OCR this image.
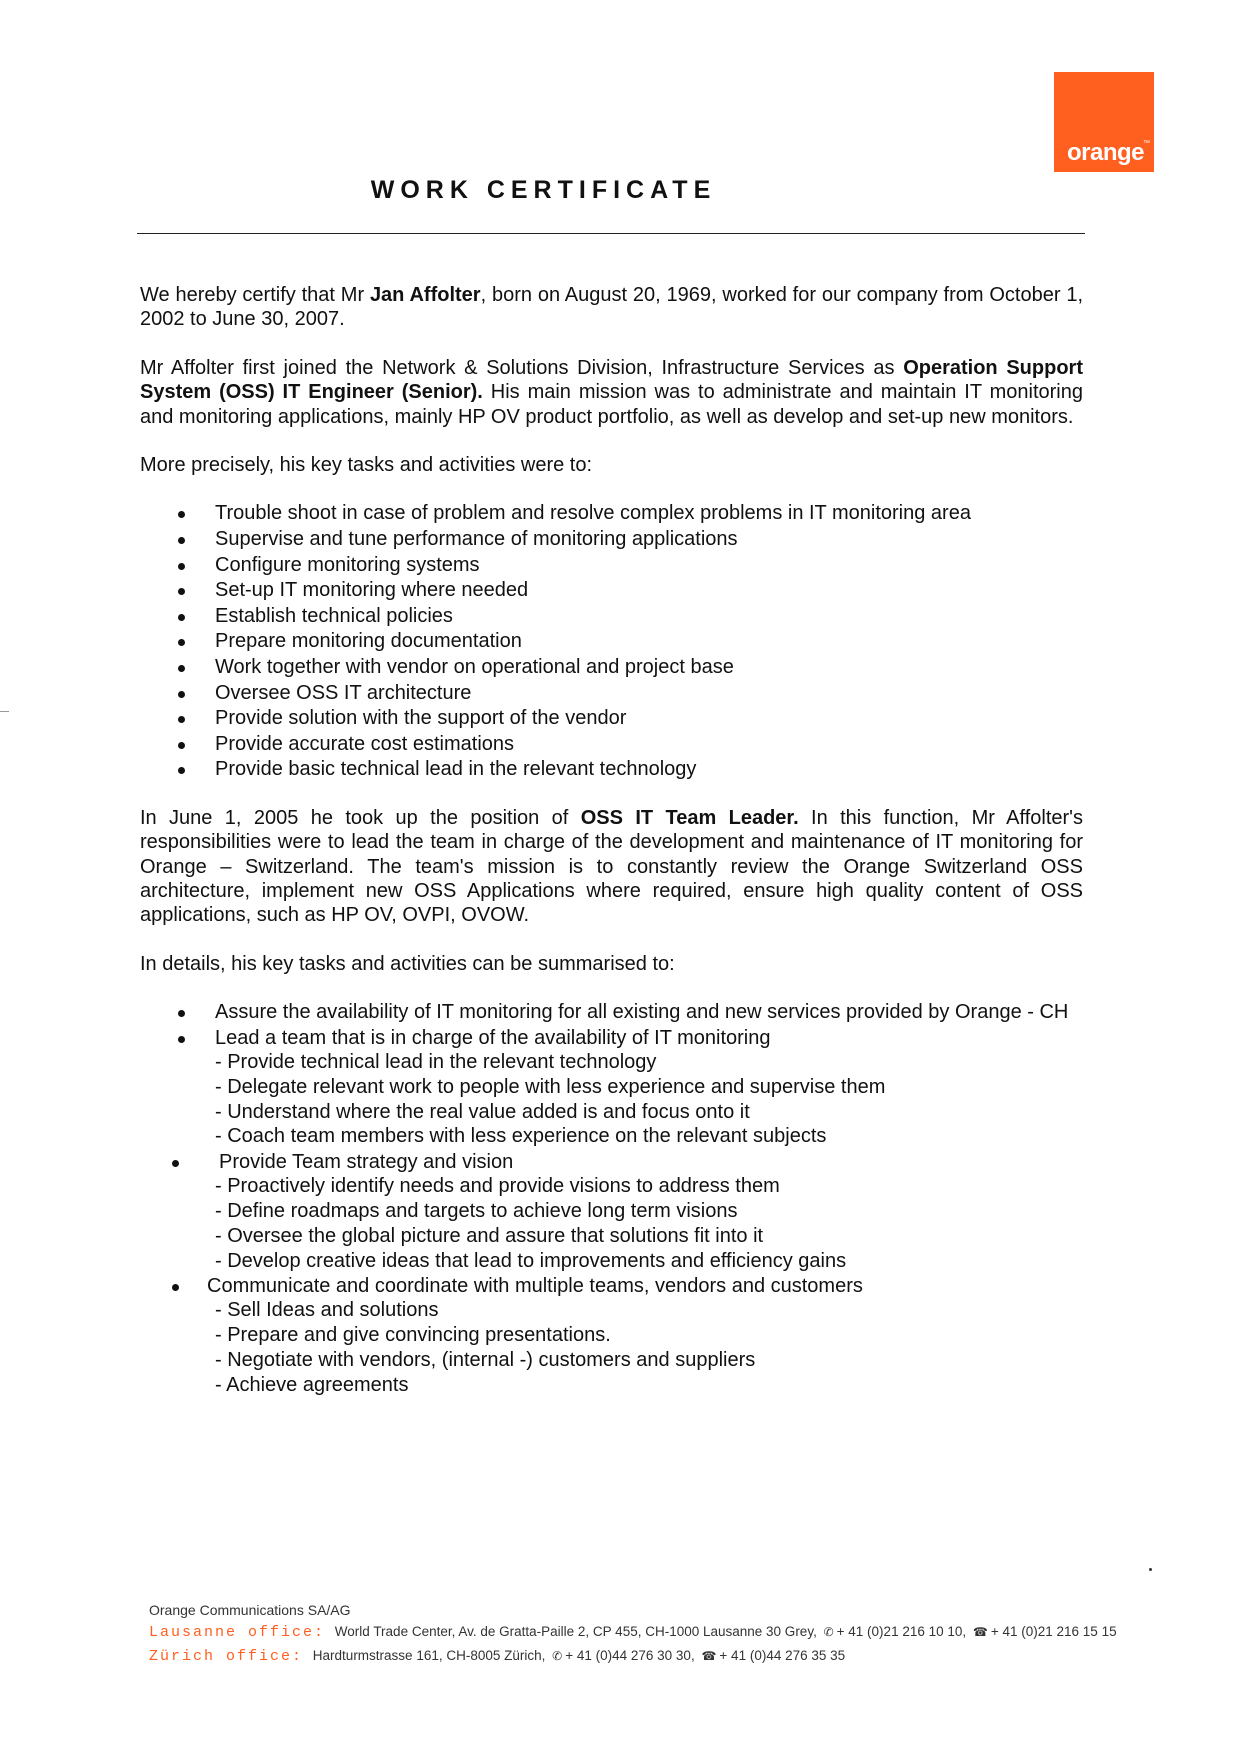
orange ™
WORK CERTIFICATE

We hereby certify that Mr Jan Affolter, born on August 20, 1969, worked for our company from October 1, 2002 to June 30, 2007.

Mr Affolter first joined the Network & Solutions Division, Infrastructure Services as Operation Support System (OSS) IT Engineer (Senior). His main mission was to administrate and maintain IT monitoring and monitoring applications, mainly HP OV product portfolio, as well as develop and set-up new monitors.

More precisely, his key tasks and activities were to:

Trouble shoot in case of problem and resolve complex problems in IT monitoring area
Supervise and tune performance of monitoring applications
Configure monitoring systems
Set-up IT monitoring where needed
Establish technical policies
Prepare monitoring documentation
Work together with vendor on operational and project base
Oversee OSS IT architecture
Provide solution with the support of the vendor
Provide accurate cost estimations
Provide basic technical lead in the relevant technology

In June 1, 2005 he took up the position of OSS IT Team Leader. In this function, Mr Affolter's responsibilities were to lead the team in charge of the development and maintenance of IT monitoring for Orange – Switzerland. The team's mission is to constantly review the Orange Switzerland OSS architecture, implement new OSS Applications where required, ensure high quality content of OSS applications, such as HP OV, OVPI, OVOW.

In details, his key tasks and activities can be summarised to:

Assure the availability of IT monitoring for all existing and new services provided by Orange - CH
Lead a team that is in charge of the availability of IT monitoring
- Provide technical lead in the relevant technology
- Delegate relevant work to people with less experience and supervise them
- Understand where the real value added is and focus onto it
- Coach team members with less experience on the relevant subjects
Provide Team strategy and vision
- Proactively identify needs and provide visions to address them
- Define roadmaps and targets to achieve long term visions
- Oversee the global picture and assure that solutions fit into it
- Develop creative ideas that lead to improvements and efficiency gains
Communicate and coordinate with multiple teams, vendors and customers
- Sell Ideas and solutions
- Prepare and give convincing presentations.
- Negotiate with vendors, (internal -) customers and suppliers
- Achieve agreements
Orange Communications SA/AG
Lausanne office: World Trade Center, Av. de Gratta-Paille 2, CP 455, CH-1000 Lausanne 30 Grey, ✆ + 41 (0)21 216 10 10, ☎ + 41 (0)21 216 15 15
Zürich office: Hardturmstrasse 161, CH-8005 Zürich, ✆ + 41 (0)44 276 30 30, ☎ + 41 (0)44 276 35 35
